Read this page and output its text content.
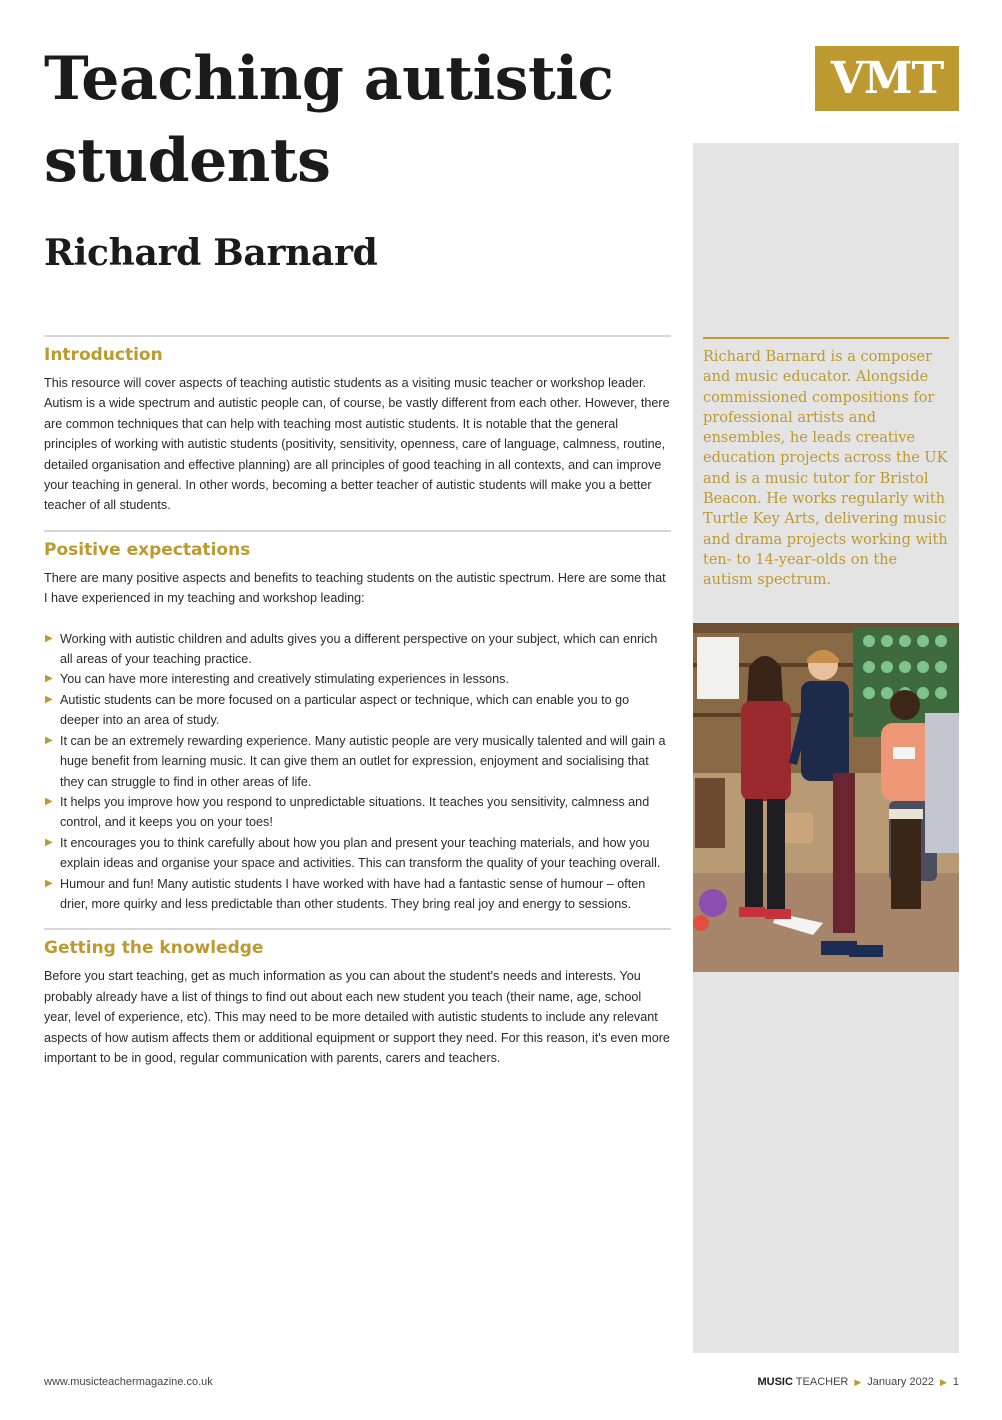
Teaching autistic students
Richard Barnard
VMT

Richard Barnard is a composer and music educator. Alongside commissioned compositions for professional artists and ensembles, he leads creative education projects across the UK and is a music tutor for Bristol Beacon. He works regularly with Turtle Key Arts, delivering music and drama projects working with ten- to 14-year-olds on the autism spectrum.

Introduction

This resource will cover aspects of teaching autistic students as a visiting music teacher or workshop leader. Autism is a wide spectrum and autistic people can, of course, be vastly different from each other. However, there are common techniques that can help with teaching most autistic students. It is notable that the general principles of working with autistic students (positivity, sensitivity, openness, care of language, calmness, routine, detailed organisation and effective planning) are all principles of good teaching in all contexts, and can improve your teaching in general. In other words, becoming a better teacher of autistic students will make you a better teacher of all students.

Positive expectations

There are many positive aspects and benefits to teaching students on the autistic spectrum. Here are some that I have experienced in my teaching and workshop leading:

▶ Working with autistic children and adults gives you a different perspective on your subject, which can enrich all areas of your teaching practice.
▶ You can have more interesting and creatively stimulating experiences in lessons.
▶ Autistic students can be more focused on a particular aspect or technique, which can enable you to go deeper into an area of study.
▶ It can be an extremely rewarding experience. Many autistic people are very musically talented and will gain a huge benefit from learning music. It can give them an outlet for expression, enjoyment and socialising that they can struggle to find in other areas of life.
▶ It helps you improve how you respond to unpredictable situations. It teaches you sensitivity, calmness and control, and it keeps you on your toes!
▶ It encourages you to think carefully about how you plan and present your teaching materials, and how you explain ideas and organise your space and activities. This can transform the quality of your teaching overall.
▶ Humour and fun! Many autistic students I have worked with have had a fantastic sense of humour – often drier, more quirky and less predictable than other students. They bring real joy and energy to sessions.
Getting the knowledge

Before you start teaching, get as much information as you can about the student's needs and interests. You probably already have a list of things to find out about each new student you teach (their name, age, school year, level of experience, etc). This may need to be more detailed with autistic students to include any relevant aspects of how autism affects them or additional equipment or support they need. For this reason, it's even more important to be in good, regular communication with parents, carers and teachers.

www.musicteachermagazine.co.uk	MUSIC TEACHER ▶ January 2022 ▶ 1
